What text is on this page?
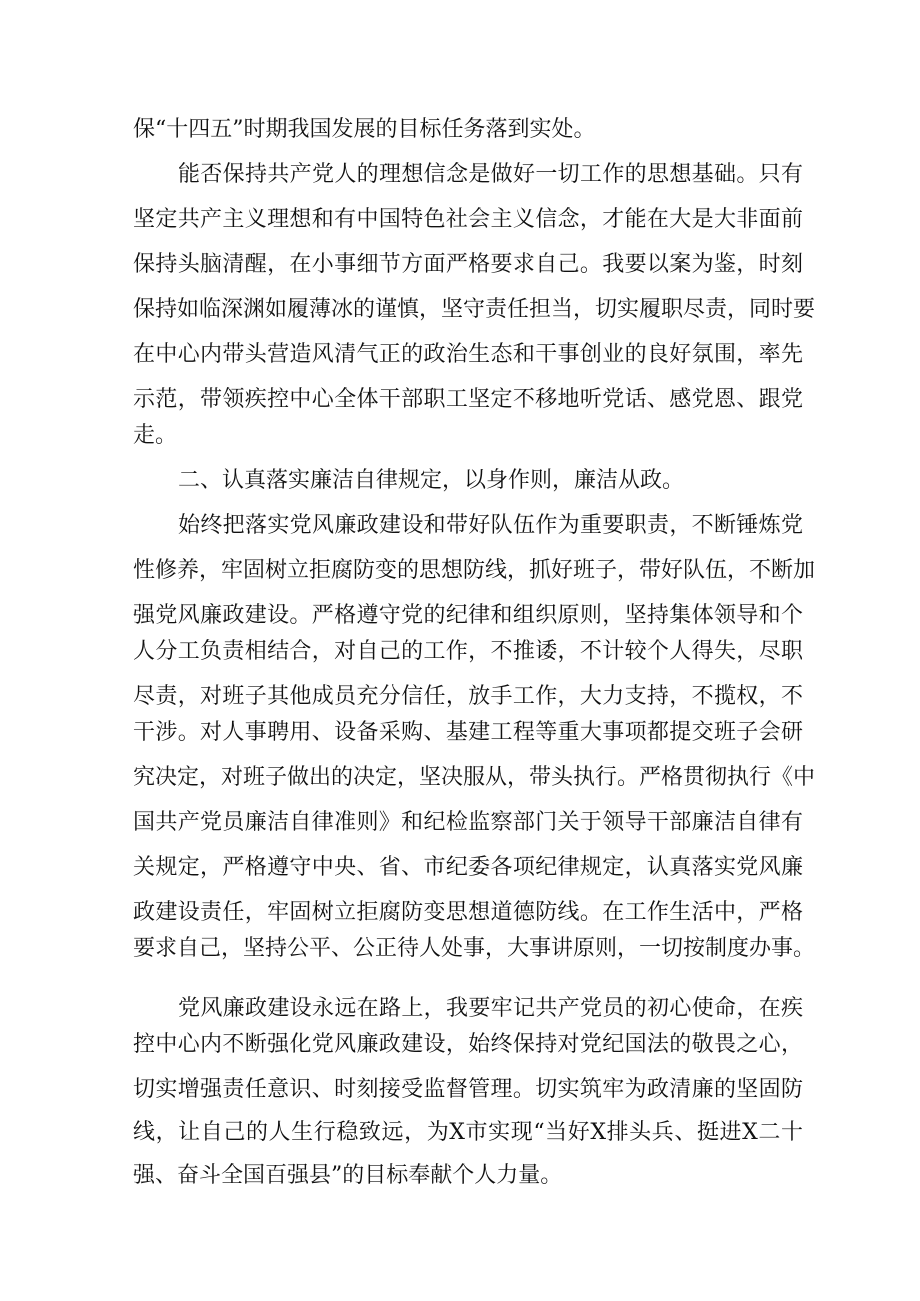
保“十四五”时期我国发展的目标任务落到实处。
能否保持共产党人的理想信念是做好一切工作的思想基础。只有
坚定共产主义理想和有中国特色社会主义信念，才能在大是大非面前
保持头脑清醒，在小事细节方面严格要求自己。我要以案为鉴，时刻
保持如临深渊如履薄冰的谨慎，坚守责任担当，切实履职尽责，同时要
在中心内带头营造风清气正的政治生态和干事创业的良好氛围，率先
示范，带领疾控中心全体干部职工坚定不移地听党话、感党恩、跟党
走。
二、认真落实廉洁自律规定，以身作则，廉洁从政。
始终把落实党风廉政建设和带好队伍作为重要职责，不断锤炼党
性修养，牢固树立拒腐防变的思想防线，抓好班子，带好队伍，不断加
强党风廉政建设。严格遵守党的纪律和组织原则，坚持集体领导和个
人分工负责相结合，对自己的工作，不推诿，不计较个人得失，尽职
尽责，对班子其他成员充分信任，放手工作，大力支持，不揽权，不
干涉。对人事聘用、设备采购、基建工程等重大事项都提交班子会研
究决定，对班子做出的决定，坚决服从，带头执行。严格贯彻执行《中
国共产党员廉洁自律准则》和纪检监察部门关于领导干部廉洁自律有
关规定，严格遵守中央、省、市纪委各项纪律规定，认真落实党风廉
政建设责任，牢固树立拒腐防变思想道德防线。在工作生活中，严格
要求自己，坚持公平、公正待人处事，大事讲原则，一切按制度办事。
党风廉政建设永远在路上，我要牢记共产党员的初心使命，在疾
控中心内不断强化党风廉政建设，始终保持对党纪国法的敬畏之心，
切实增强责任意识、时刻接受监督管理。切实筑牢为政清廉的坚固防
线，让自己的人生行稳致远，为X市实现“当好X排头兵、挺进X二十
强、奋斗全国百强县”的目标奉献个人力量。
